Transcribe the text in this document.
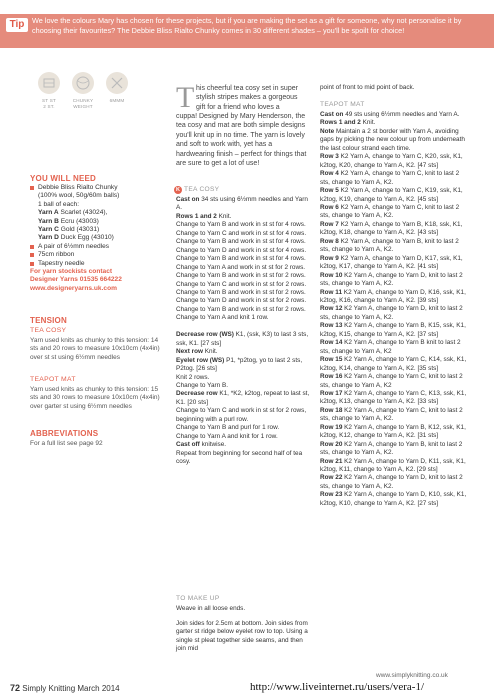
Tip	We love the colours Mary has chosen for these projects, but if you are making the set as a gift for someone, why not personalise it by choosing their favourites? The Debbie Bliss Rialto Chunky comes in 30 different shades – you'll be spoilt for choice!

ST ST
2 ST.
CHUNKY
WEIGHT
6MMM
YOU WILL NEED
Debbie Bliss Rialto Chunky
(100% wool, 50g/60m balls)
1 ball of each:
Yarn A Scarlet (43024),
Yarn B Ecru (43003)
Yarn C Gold (43031)
Yarn D Duck Egg (43010)
A pair of 6½mm needles
75cm ribbon
Tapestry needle
For yarn stockists contact
Designer Yarns 01535 664222
www.designeryarns.uk.com
TENSION
TEA COSY
Yarn used knits as chunky to this tension: 14 sts and 20 rows to measure 10x10cm (4x4in) over st st using 6½mm needles
TEAPOT MAT
Yarn used knits as chunky to this tension: 15 sts and 30 rows to measure 10x10cm (4x4in) over garter st using 6½mm needles
ABBREVIATIONS
For a full list see page 92
T his cheerful tea cosy set in super stylish stripes makes a gorgeous gift for a friend who loves a
cuppa! Designed by Mary Henderson, the tea cosy and mat are both simple designs you'll knit up in no time. The yarn is lovely and soft to work with, yet has a hardwearing finish – perfect for things that are sure to get a lot of use!
K TEA COSY

Cast on 34 sts using 6½mm needles and Yarn A.

Rows 1 and 2 Knit.

Change to Yarn B and work in st st for 4 rows.

Change to Yarn C and work in st st for 4 rows.

Change to Yarn B and work in st st for 4 rows.

Change to Yarn D and work in st st for 4 rows.

Change to Yarn B and work in st st for 4 rows.

Change to Yarn A and work in st st for 2 rows.

Change to Yarn B and work in st st for 2 rows.

Change to Yarn C and work in st st for 2 rows.

Change to Yarn B and work in st st for 2 rows.

Change to Yarn D and work in st st for 2 rows.

Change to Yarn B and work in st st for 2 rows.

Change to Yarn A and knit 1 row.

Decrease row (WS) K1, (ssk, K3) to last 3 sts, ssk, K1. [27 sts]

Next row Knit.

Eyelet row (WS) P1, *p2tog, yo to last 2 sts, P2tog. [26 sts]

Knit 2 rows.

Change to Yarn B.

Decrease row K1, *K2, k2tog, repeat to last st, K1. [20 sts]

Change to Yarn C and work in st st for 2 rows, beginning with a purl row.

Change to Yarn B and purl for 1 row.

Change to Yarn A and knit for 1 row.

Cast off knitwise.

Repeat from beginning for second half of tea cosy.

TO MAKE UP
Weave in all loose ends.
Join sides for 2.5cm at bottom. Join sides from garter st ridge below eyelet row to top. Using a single st pleat together side seams, and then join mid
point of front to mid point of back.
TEAPOT MAT

Cast on 49 sts using 6½mm needles and Yarn A.

Rows 1 and 2 Knit.

Note Maintain a 2 st border with Yarn A, avoiding gaps by picking the new colour up from underneath the last colour strand each time.

Row 3 K2 Yarn A, change to Yarn C, K20, ssk, K1, k2tog, K20, change to Yarn A, K2. [47 sts]

Row 4 K2 Yarn A, change to Yarn C, knit to last 2 sts, change to Yarn A, K2.

Row 5 K2 Yarn A, change to Yarn C, K19, ssk, K1, k2tog, K19, change to Yarn A, K2. [45 sts]

Row 6 K2 Yarn A, change to Yarn C, knit to last 2 sts, change to Yarn A, K2.

Row 7 K2 Yarn A, change to Yarn B, K18, ssk, K1, k2tog, K18, change to Yarn A, K2. [43 sts]

Row 8 K2 Yarn A, change to Yarn B, knit to last 2 sts, change to Yarn A, K2.

Row 9 K2 Yarn A, change to Yarn D, K17, ssk, K1, k2tog, K17, change to Yarn A, K2. [41 sts]

Row 10 K2 Yarn A, change to Yarn D, knit to last 2 sts, change to Yarn A, K2.

Row 11 K2 Yarn A, change to Yarn D, K16, ssk, K1, k2tog, K16, change to Yarn A, K2. [39 sts]

Row 12 K2 Yarn A, change to Yarn D, knit to last 2 sts, change to Yarn A, K2.

Row 13 K2 Yarn A, change to Yarn B, K15, ssk, K1, k2tog, K15, change to Yarn A, K2. [37 sts]

Row 14 K2 Yarn A, change to Yarn B knit to last 2 sts, change to Yarn A, K2

Row 15 K2 Yarn A, change to Yarn C, K14, ssk, K1, k2tog, K14, change to Yarn A, K2. [35 sts]

Row 16 K2 Yarn A, change to Yarn C, knit to last 2 sts, change to Yarn A, K2

Row 17 K2 Yarn A, change to Yarn C, K13, ssk, K1, k2tog, K13, change to Yarn A, K2. [33 sts]

Row 18 K2 Yarn A, change to Yarn C, knit to last 2 sts, change to Yarn A, K2.

Row 19 K2 Yarn A, change to Yarn B, K12, ssk, K1, k2tog, K12, change to Yarn A, K2. [31 sts]

Row 20 K2 Yarn A, change to Yarn B, knit to last 2 sts, change to Yarn A, K2.

Row 21 K2 Yarn A, change to Yarn D, K11, ssk, K1, k2tog, K11, change to Yarn A, K2. [29 sts]

Row 22 K2 Yarn A, change to Yarn D, knit to last 2 sts, change to Yarn A, K2.

Row 23 K2 Yarn A, change to Yarn D, K10, ssk, K1, k2tog, K10, change to Yarn A, K2. [27 sts]

72 Simply Knitting March 2014
www.simplyknitting.co.uk
http://www.liveinternet.ru/users/vera-1/
